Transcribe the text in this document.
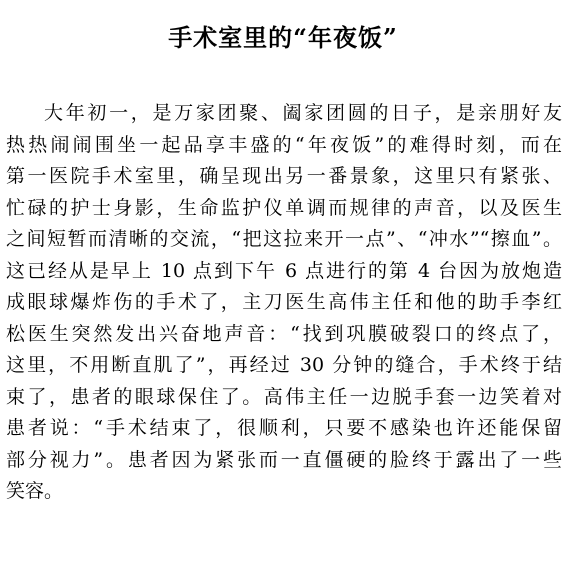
手术室里的“年夜饭”
大年初一，是万家团聚、阖家团圆的日子，是亲朋好友
热热闹闹围坐一起品享丰盛的“年夜饭”的难得时刻，而在
第一医院手术室里，确呈现出另一番景象，这里只有紧张、
忙碌的护士身影，生命监护仪单调而规律的声音，以及医生
之间短暂而清晰的交流，“把这拉来开一点”、“冲水”“擦血”。
这已经从是早上 10 点到下午 6 点进行的第 4 台因为放炮造
成眼球爆炸伤的手术了，主刀医生高伟主任和他的助手李红
松医生突然发出兴奋地声音：“找到巩膜破裂口的终点了，
这里，不用断直肌了”，再经过 30 分钟的缝合，手术终于结
束了，患者的眼球保住了。高伟主任一边脱手套一边笑着对
患者说：“手术结束了，很顺利，只要不感染也许还能保留
部分视力”。患者因为紧张而一直僵硬的脸终于露出了一些
笑容。
